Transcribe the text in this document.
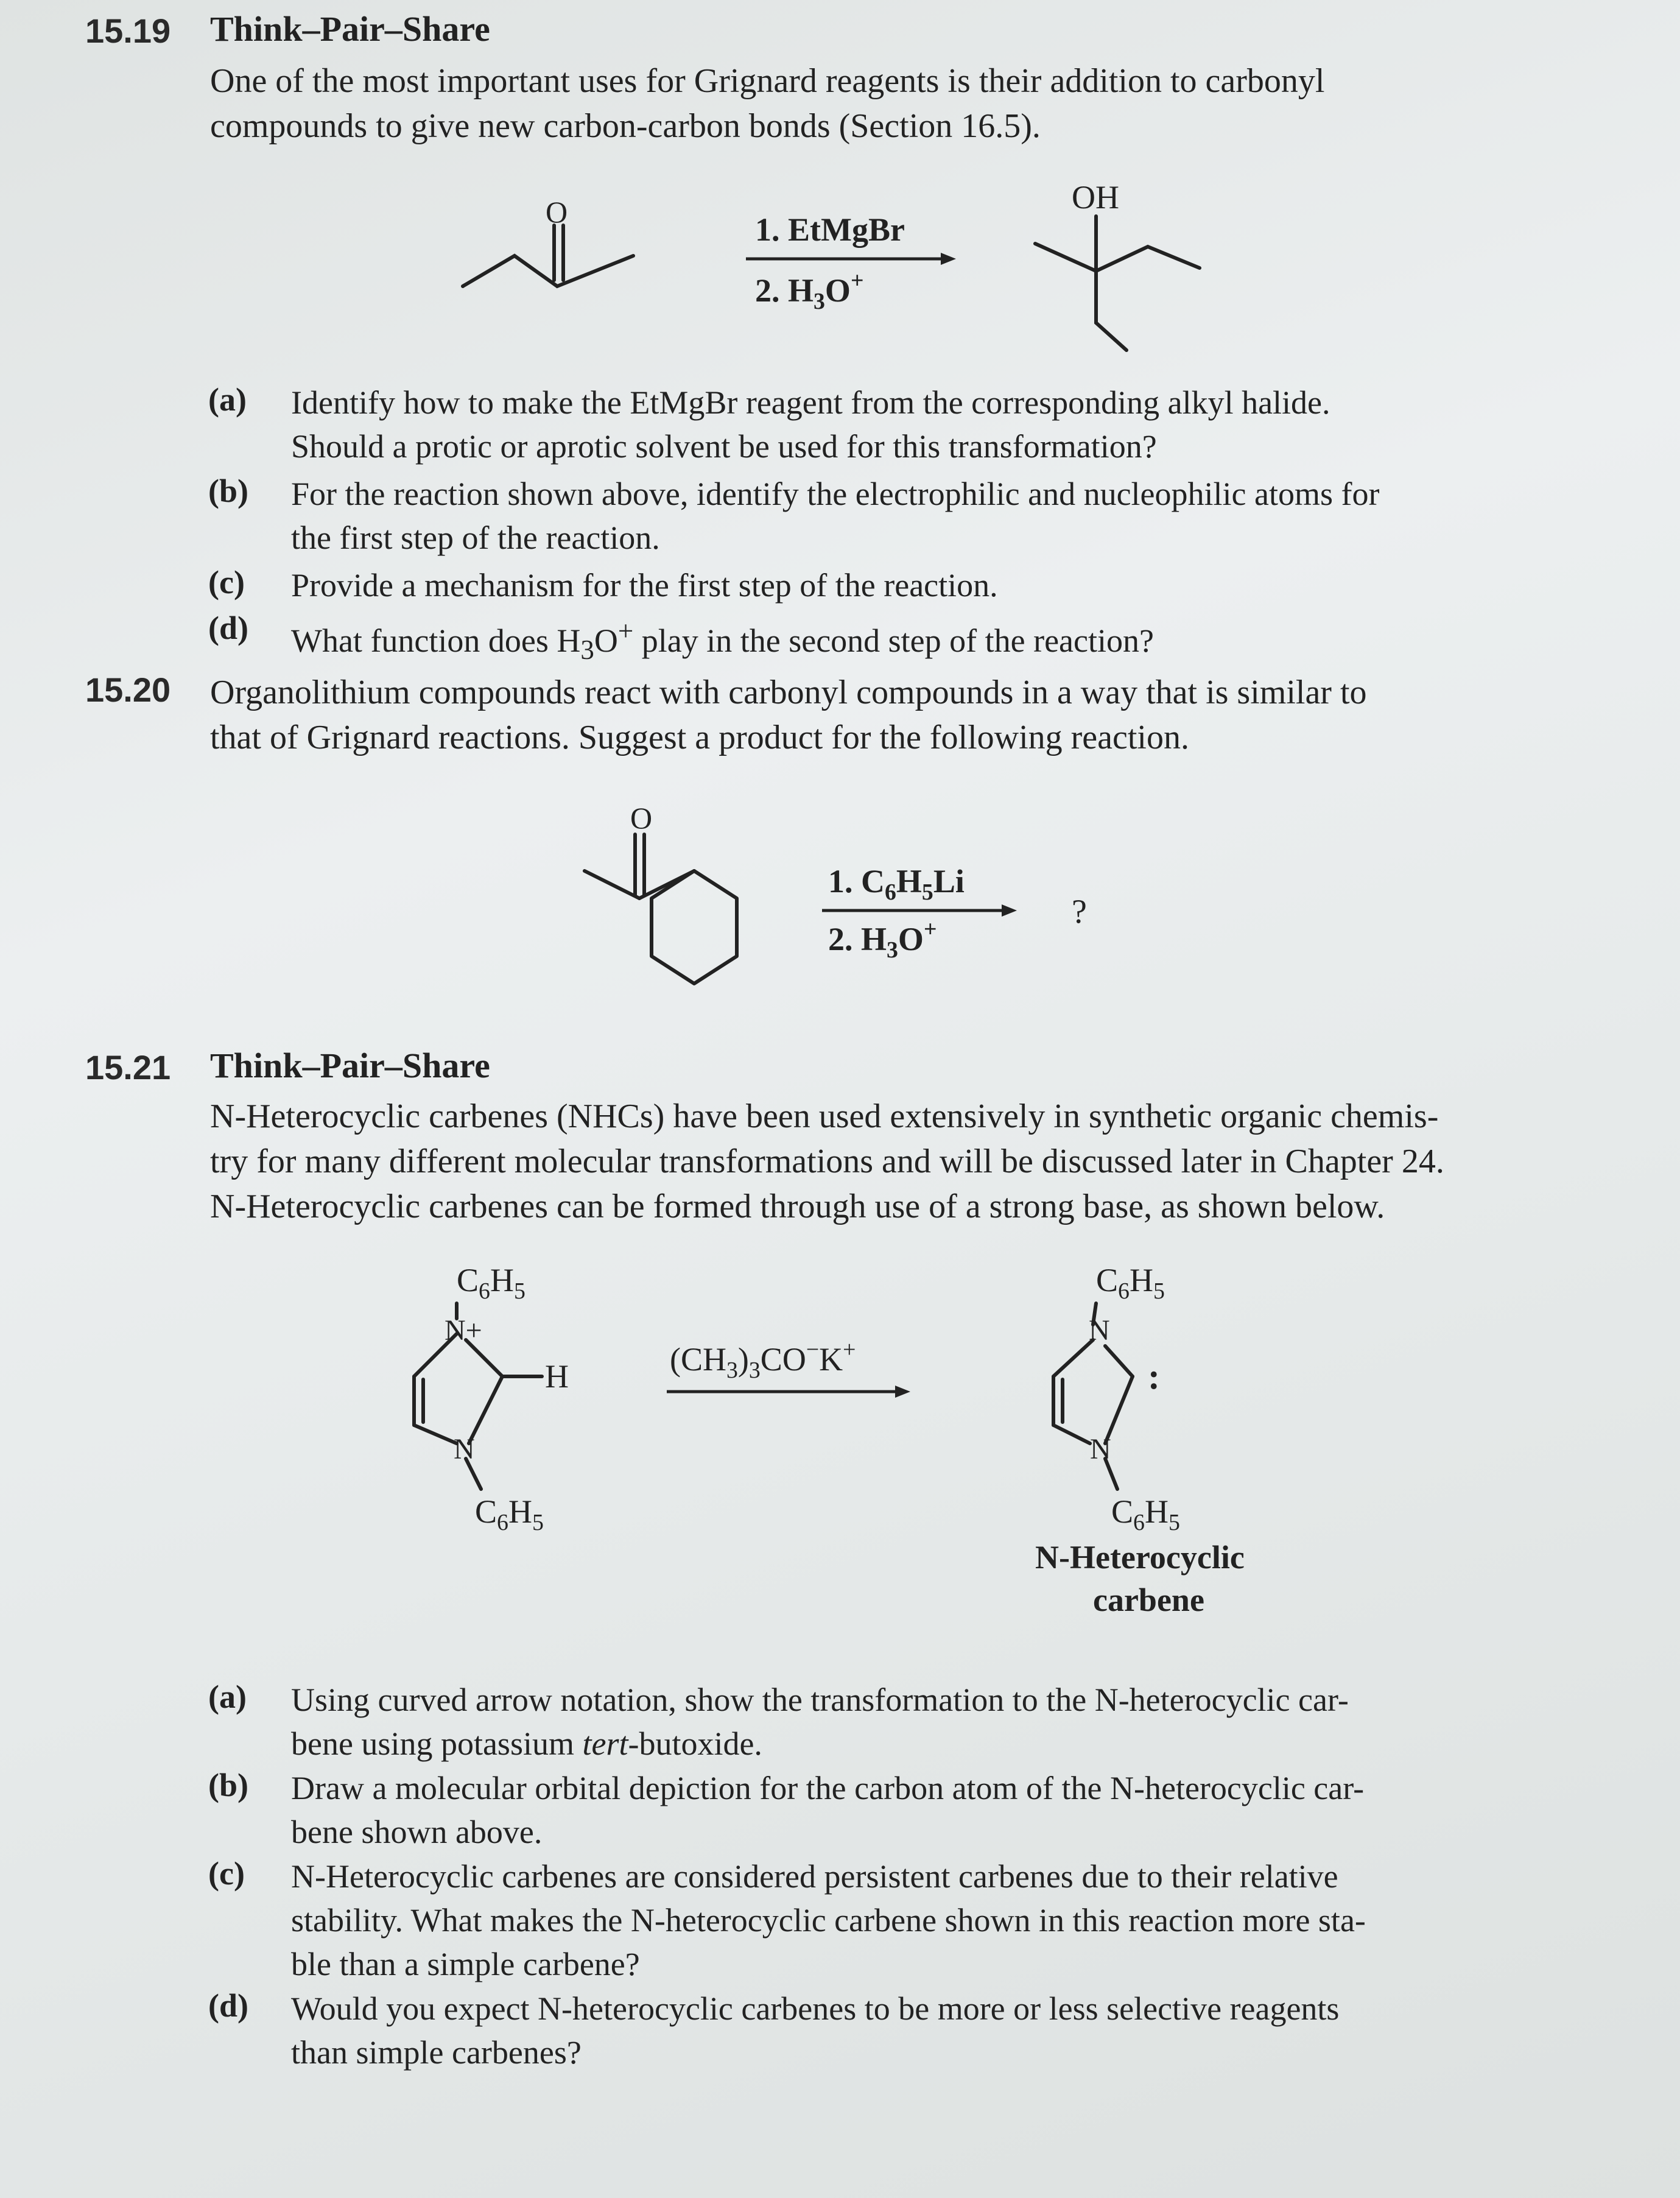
15.19 Think–Pair–Share
One of the most important uses for Grignard reagents is their addition to carbonyl
compounds to give new carbon-carbon bonds (Section 16.5).
O	1. EtMgBr
2. $H_3O^+$
OH
(a) Identify how to make the EtMgBr reagent from the corresponding alkyl halide.
Should a protic or aprotic solvent be used for this transformation?
(b) For the reaction shown above, identify the electrophilic and nucleophilic atoms for
the first step of the reaction.
(c) Provide a mechanism for the first step of the reaction.
(d) What function does $H_3O^+$ play in the second step of the reaction?
15.20 Organolithium compounds react with carbonyl compounds in a way that is similar to
that of Grignard reactions. Suggest a product for the following reaction.
O
1. $C_6H_5Li$
2. $H_3O^+$	?
15.21 Think–Pair–Share
N-Heterocyclic carbenes (NHCs) have been used extensively in synthetic organic chemis-
try for many different molecular transformations and will be discussed later in Chapter 24.
N-Heterocyclic carbenes can be formed through use of a strong base, as shown below.
$C_6H_5$
N+
N
H
$C_6H_5$
$(CH_3)_3CO^-K^+$
$C_6H_5$
N
N
:
$C_6H_5$
N-Heterocyclic
carbene
(a) Using curved arrow notation, show the transformation to the N-heterocyclic car-
bene using potassium tert-butoxide.
(b) Draw a molecular orbital depiction for the carbon atom of the N-heterocyclic car-
bene shown above.
(c) N-Heterocyclic carbenes are considered persistent carbenes due to their relative
stability. What makes the N-heterocyclic carbene shown in this reaction more sta-
ble than a simple carbene?
(d) Would you expect N-heterocyclic carbenes to be more or less selective reagents
than simple carbenes?
